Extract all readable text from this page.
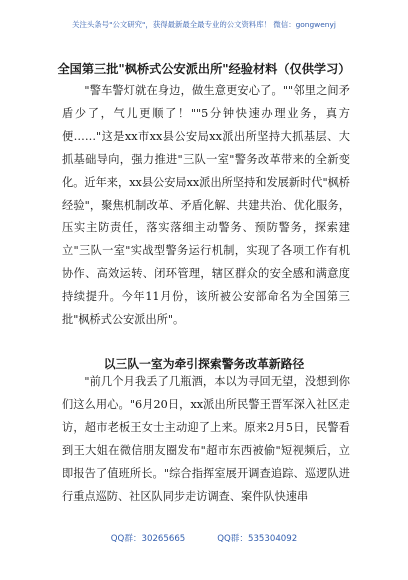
关注头条号"公文研究"，获得最新最全最专业的公文资料库！ 微信：gongwenyj
全国第三批"枫桥式公安派出所"经验材料（仅供学习）

"警车警灯就在身边，做生意更安心了。""邻里之间矛盾少了，气儿更顺了！""5分钟快速办理业务，真方便……"这是xx市xx县公安局xx派出所坚持大抓基层、大抓基础导向，强力推进"三队一室"警务改革带来的全新变化。近年来，xx县公安局xx派出所坚持和发展新时代"枫桥经验"，聚焦机制改革、矛盾化解、共建共治、优化服务，压实主防责任，落实落细主动警务、预防警务，探索建立"三队一室"实战型警务运行机制，实现了各项工作有机协作、高效运转、闭环管理，辖区群众的安全感和满意度持续提升。今年11月份，该所被公安部命名为全国第三批"枫桥式公安派出所"。

以三队一室为牵引探索警务改革新路径

"前几个月我丢了几瓶酒，本以为寻回无望，没想到你们这么用心。"6月20日，xx派出所民警王晋军深入社区走访，超市老板王女士主动迎了上来。原来2月5日，民警看到王大姐在微信朋友圈发布"超市东西被偷"短视频后，立即报告了值班所长。"综合指挥室展开调查追踪、巡逻队进行重点巡防、社区队同步走访调查、案件队快速串

QQ群：30265665	QQ群：535304092
